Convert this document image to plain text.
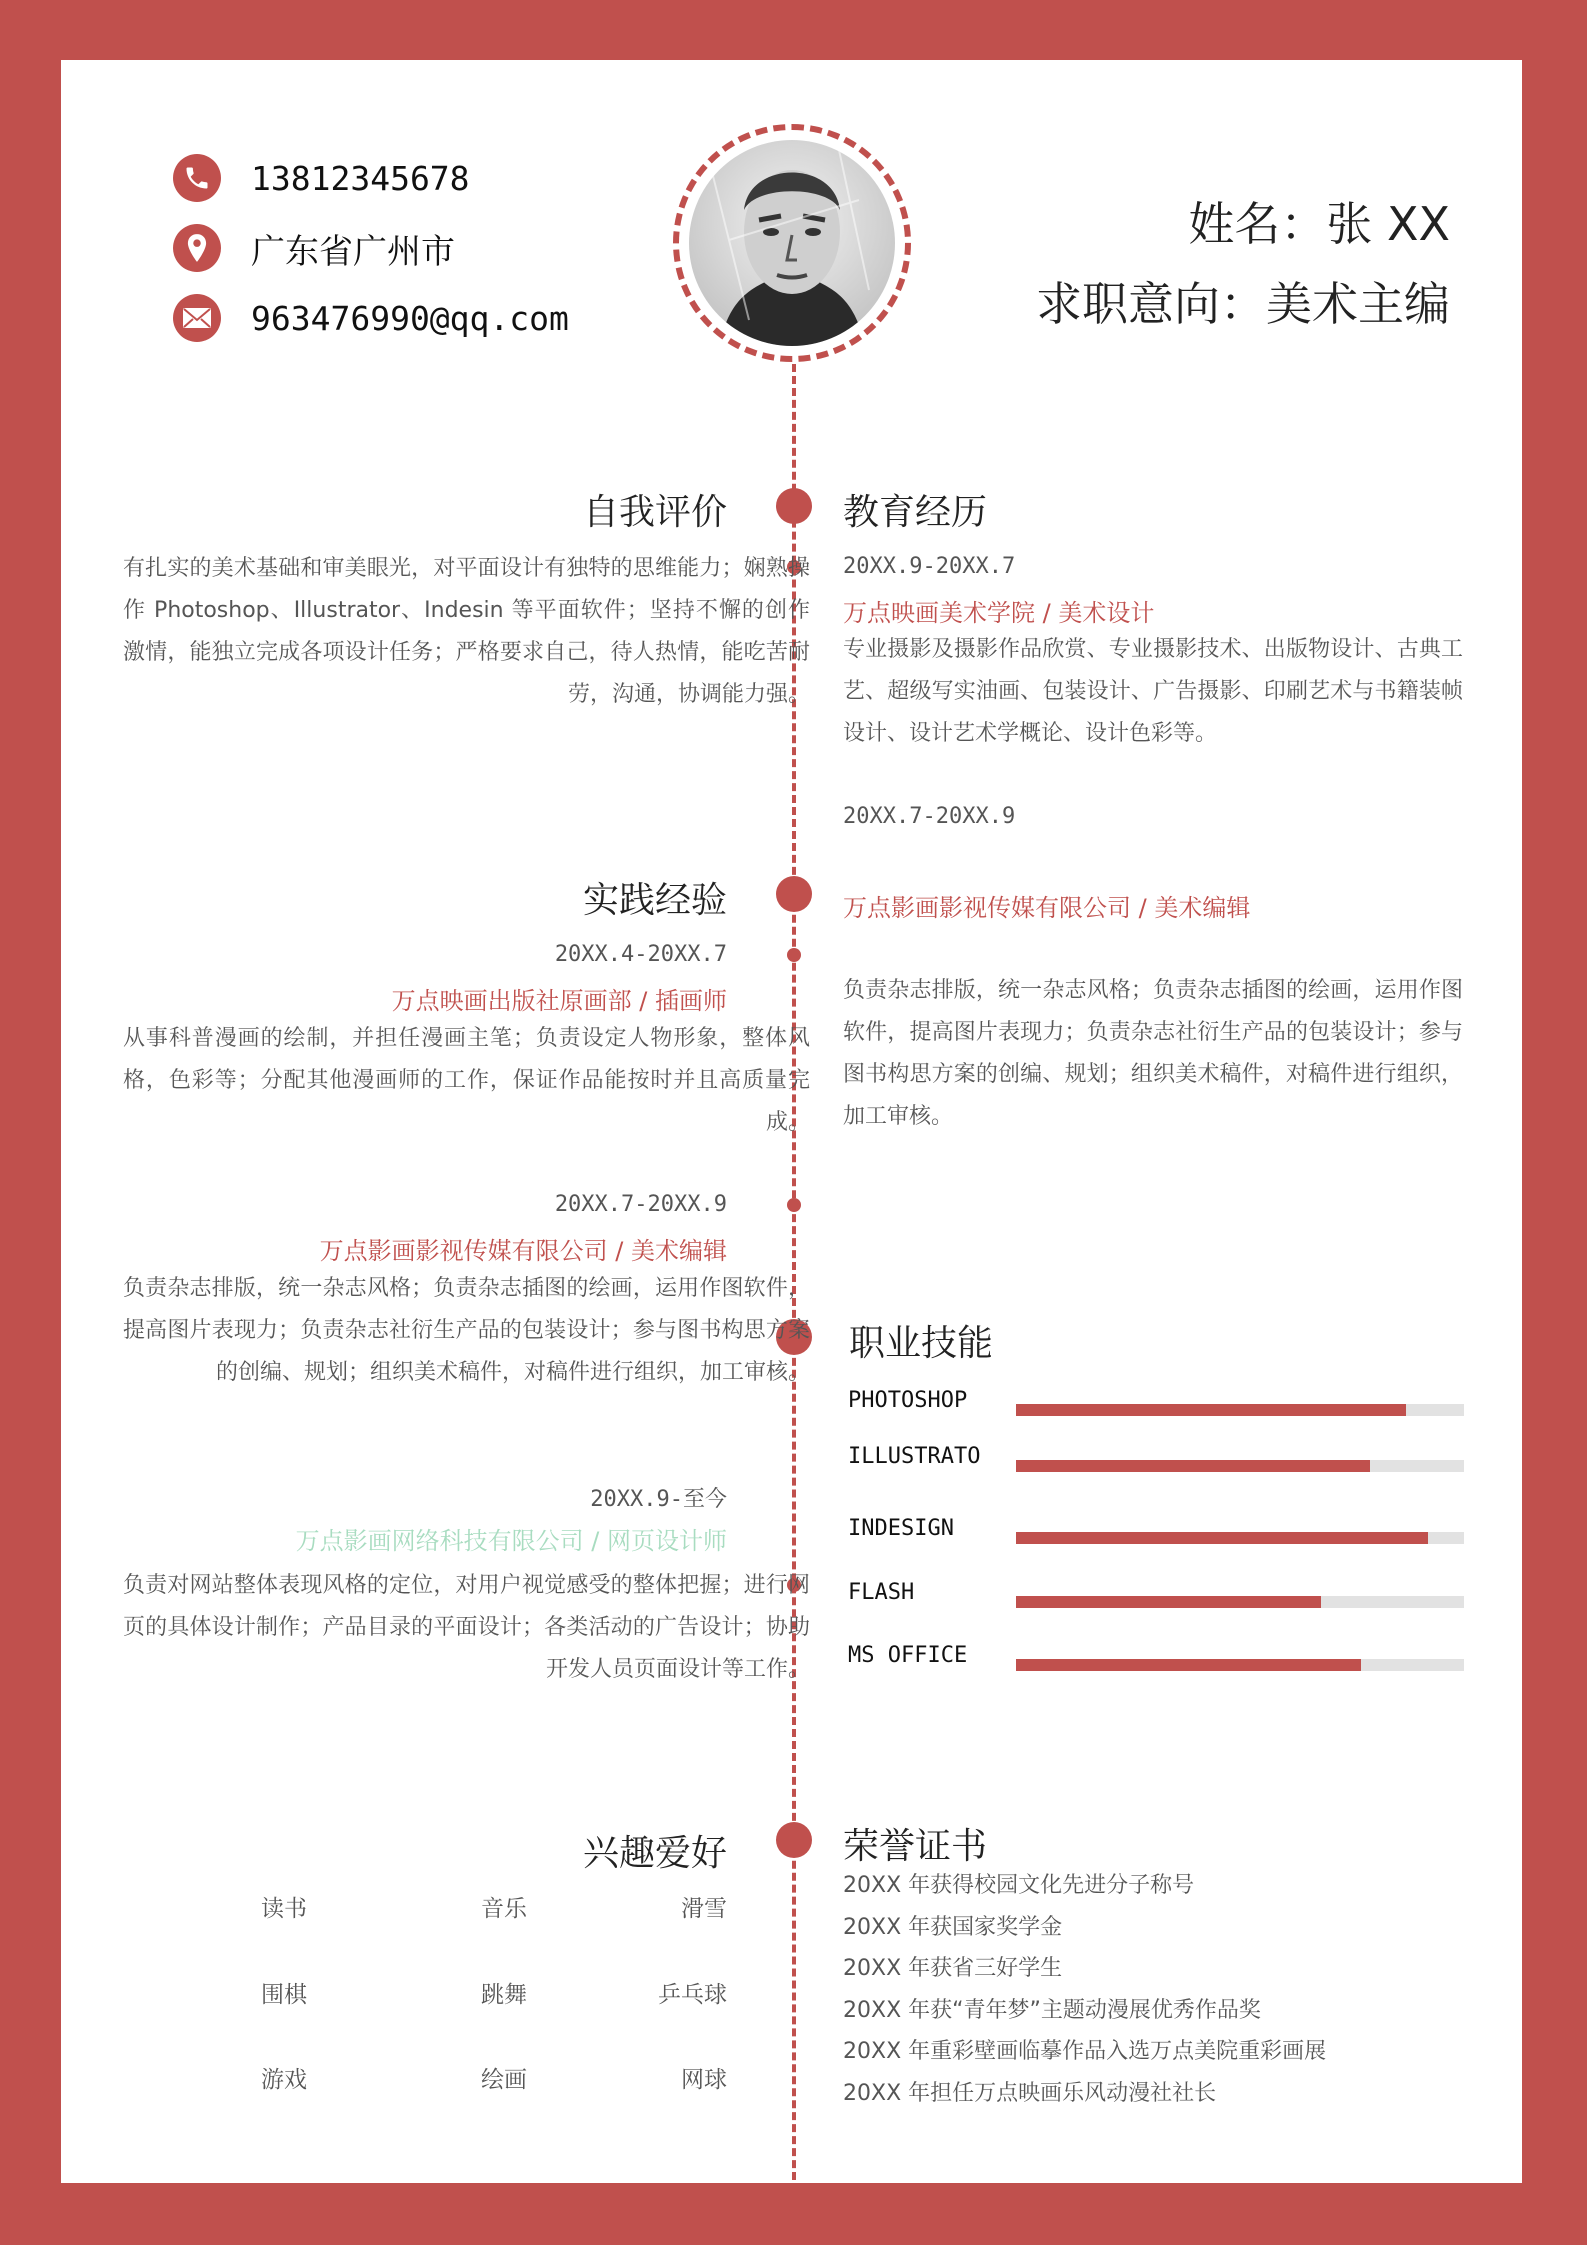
13812345678
广东省广州市
963476990@qq.com
姓名：张 XX
求职意向：美术主编
自我评价
有扎实的美术基础和审美眼光，对平面设计有独特的思维能力；娴熟操作 Photoshop、Illustrator、Indesin 等平面软件；坚持不懈的创作激情，能独立完成各项设计任务；严格要求自己，待人热情，能吃苦耐劳，沟通，协调能力强。
教育经历
20XX.9-20XX.7
万点映画美术学院 / 美术设计
专业摄影及摄影作品欣赏、专业摄影技术、出版物设计、古典工艺、超级写实油画、包装设计、广告摄影、印刷艺术与书籍装帧设计、设计艺术学概论、设计色彩等。
20XX.7-20XX.9
万点影画影视传媒有限公司 / 美术编辑
负责杂志排版，统一杂志风格；负责杂志插图的绘画，运用作图软件，提高图片表现力；负责杂志社衍生产品的包装设计；参与图书构思方案的创编、规划；组织美术稿件，对稿件进行组织，加工审核。
实践经验
20XX.4-20XX.7
万点映画出版社原画部 / 插画师
从事科普漫画的绘制，并担任漫画主笔；负责设定人物形象，整体风格，色彩等；分配其他漫画师的工作，保证作品能按时并且高质量完成。
20XX.7-20XX.9
万点影画影视传媒有限公司 / 美术编辑
负责杂志排版，统一杂志风格；负责杂志插图的绘画，运用作图软件，提高图片表现力；负责杂志社衍生产品的包装设计；参与图书构思方案的创编、规划；组织美术稿件，对稿件进行组织，加工审核。
20XX.9-至今
万点影画网络科技有限公司 / 网页设计师
负责对网站整体表现风格的定位，对用户视觉感受的整体把握；进行网页的具体设计制作；产品目录的平面设计；各类活动的广告设计；协助开发人员页面设计等工作。
职业技能
兴趣爱好	荣誉证书
PHOTOSHOP
ILLUSTRATO
INDESIGN
FLASH
MS OFFICE
读书	音乐	滑雪
围棋	跳舞	乒乓球
游戏	绘画	网球
20XX 年获得校园文化先进分子称号
20XX 年获国家奖学金
20XX 年获省三好学生
20XX 年获“青年梦”主题动漫展优秀作品奖
20XX 年重彩壁画临摹作品入选万点美院重彩画展
20XX 年担任万点映画乐风动漫社社长
